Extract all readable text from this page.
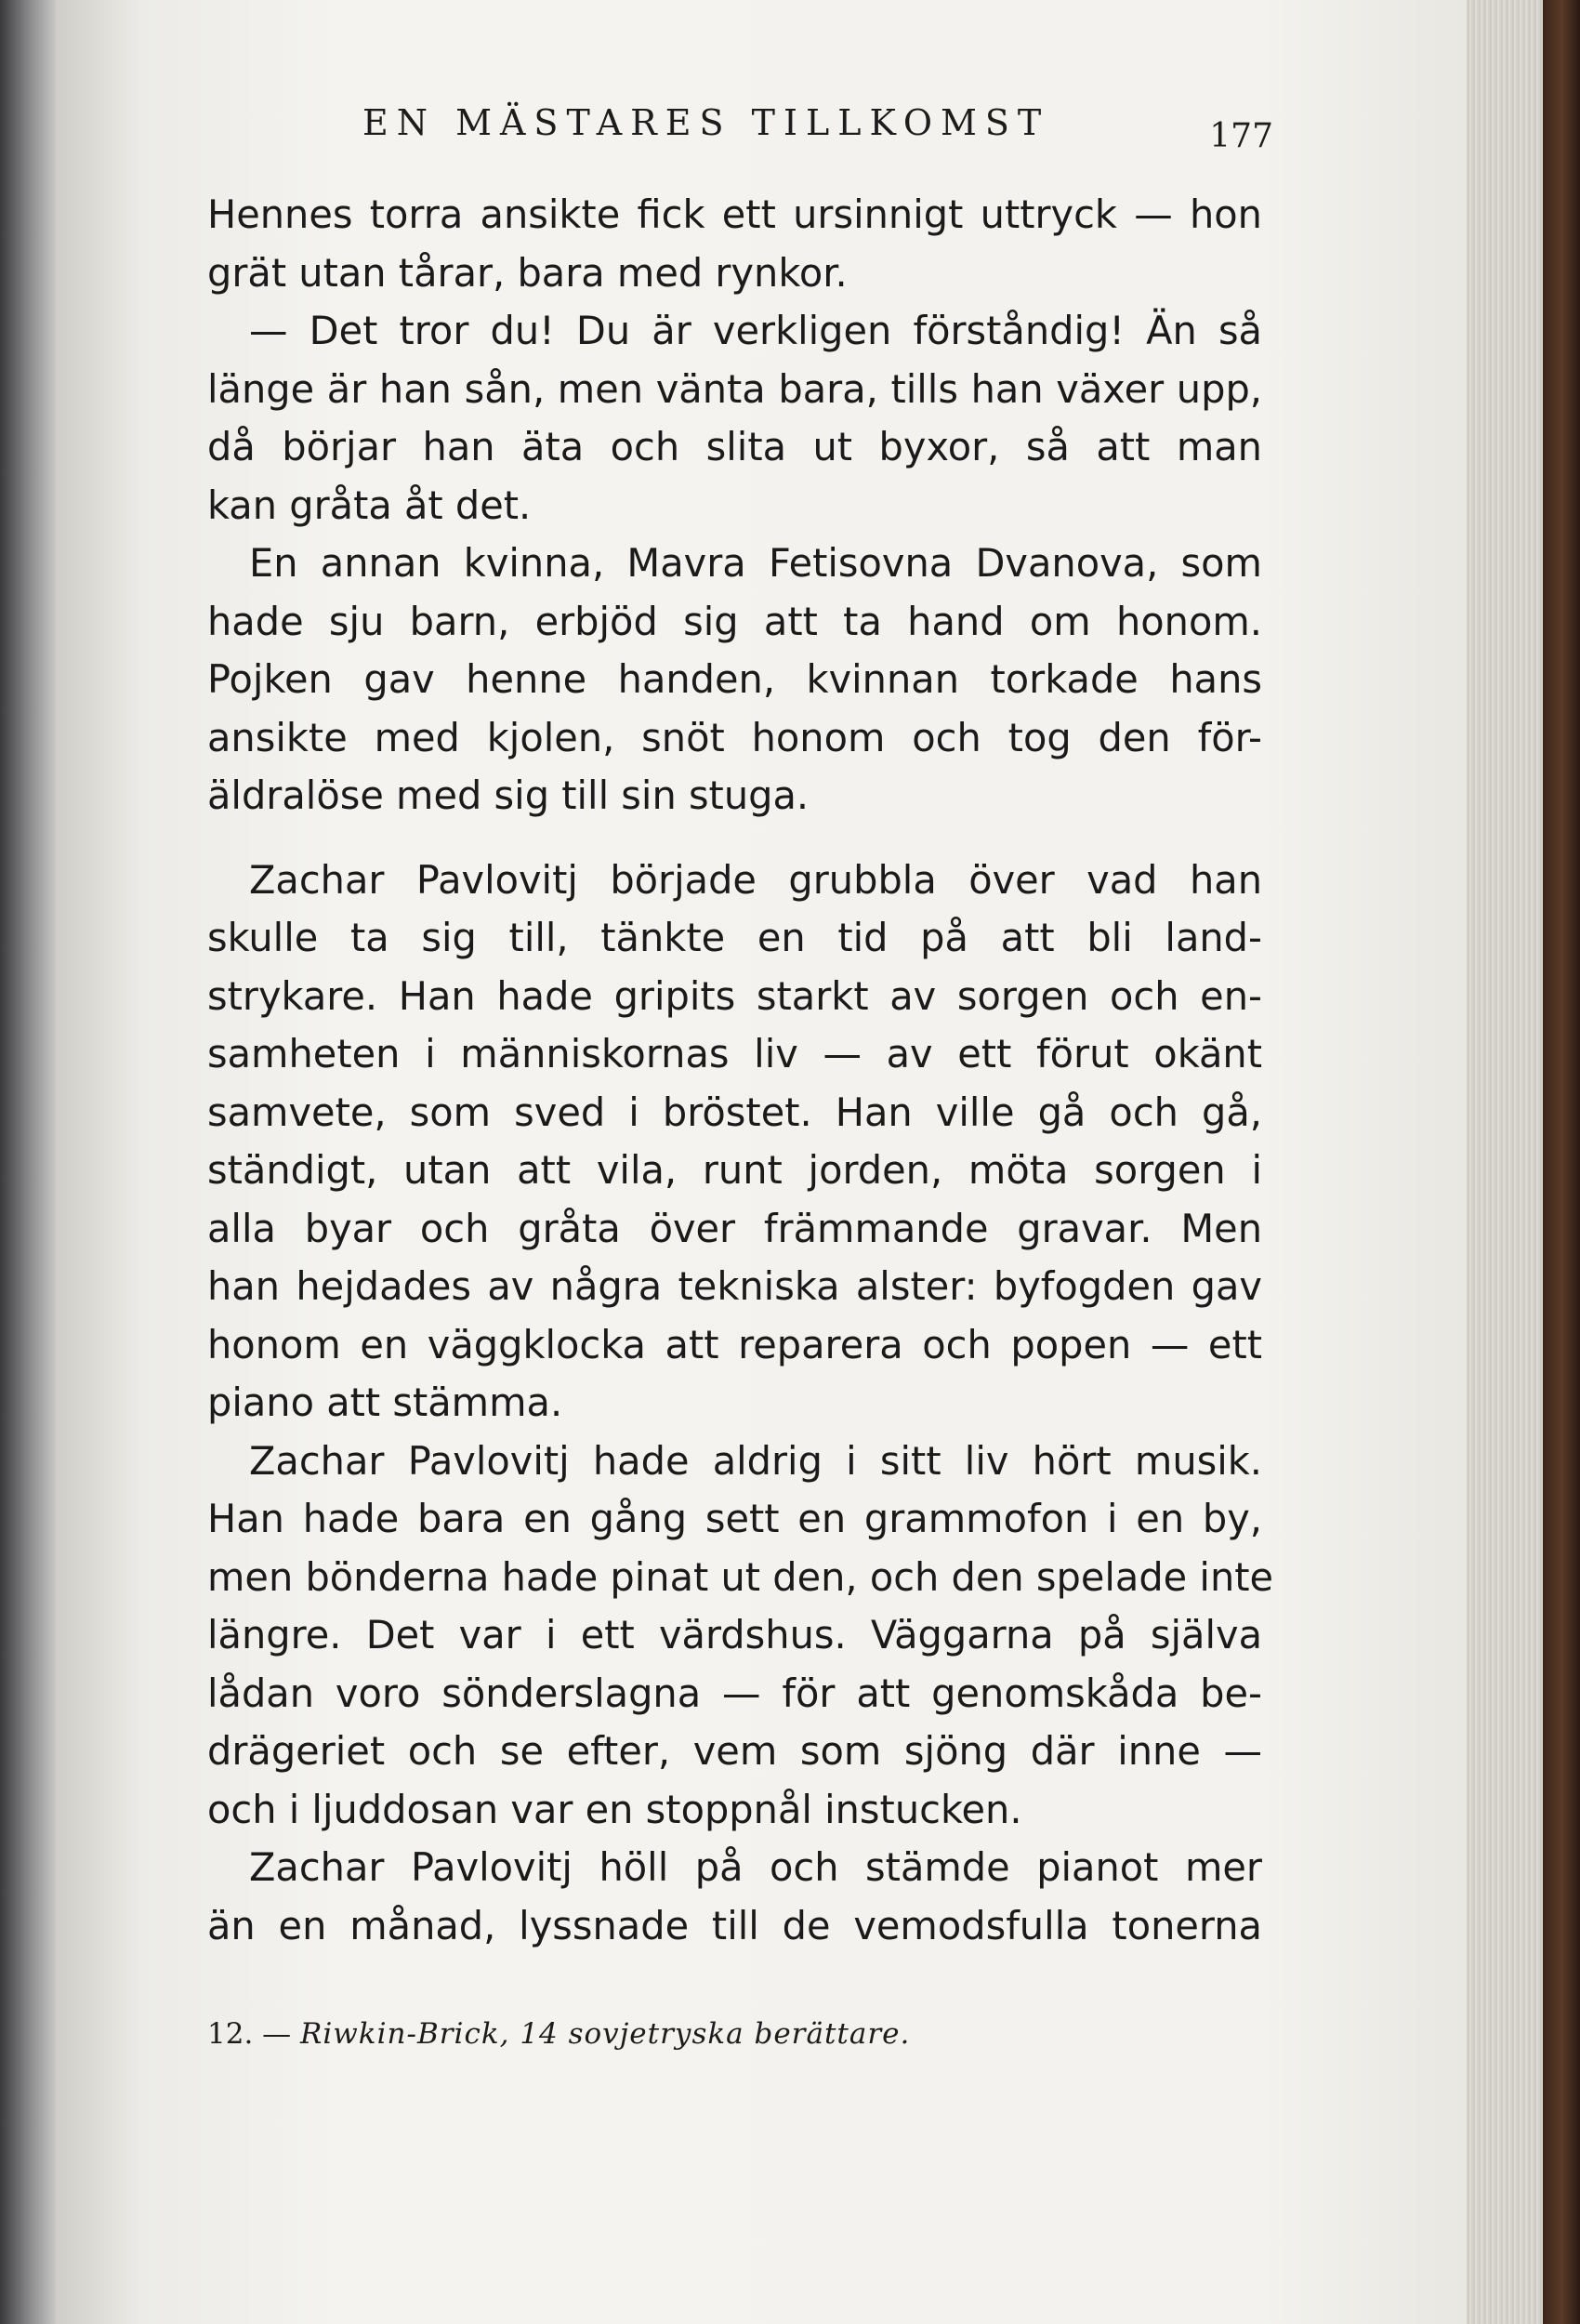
EN MÄSTARES TILLKOMST	177
Hennes torra ansikte fick ett ursinnigt uttryck — hon
grät utan tårar, bara med rynkor.
— Det tror du! Du är verkligen förståndig! Än så
länge är han sån, men vänta bara, tills han växer upp,
då börjar han äta och slita ut byxor, så att man
kan gråta åt det.
En annan kvinna, Mavra Fetisovna Dvanova, som
hade sju barn, erbjöd sig att ta hand om honom.
Pojken gav henne handen, kvinnan torkade hans
ansikte med kjolen, snöt honom och tog den för-
äldralöse med sig till sin stuga.
Zachar Pavlovitj började grubbla över vad han
skulle ta sig till, tänkte en tid på att bli land-
strykare. Han hade gripits starkt av sorgen och en-
samheten i människornas liv — av ett förut okänt
samvete, som sved i bröstet. Han ville gå och gå,
ständigt, utan att vila, runt jorden, möta sorgen i
alla byar och gråta över främmande gravar. Men
han hejdades av några tekniska alster: byfogden gav
honom en väggklocka att reparera och popen — ett
piano att stämma.
Zachar Pavlovitj hade aldrig i sitt liv hört musik.
Han hade bara en gång sett en grammofon i en by,
men bönderna hade pinat ut den, och den spelade inte
längre. Det var i ett värdshus. Väggarna på själva
lådan voro sönderslagna — för att genomskåda be-
drägeriet och se efter, vem som sjöng där inne —
och i ljuddosan var en stoppnål instucken.
Zachar Pavlovitj höll på och stämde pianot mer
än en månad, lyssnade till de vemodsfulla tonerna
12. — Riwkin-Brick, 14 sovjetryska berättare.
